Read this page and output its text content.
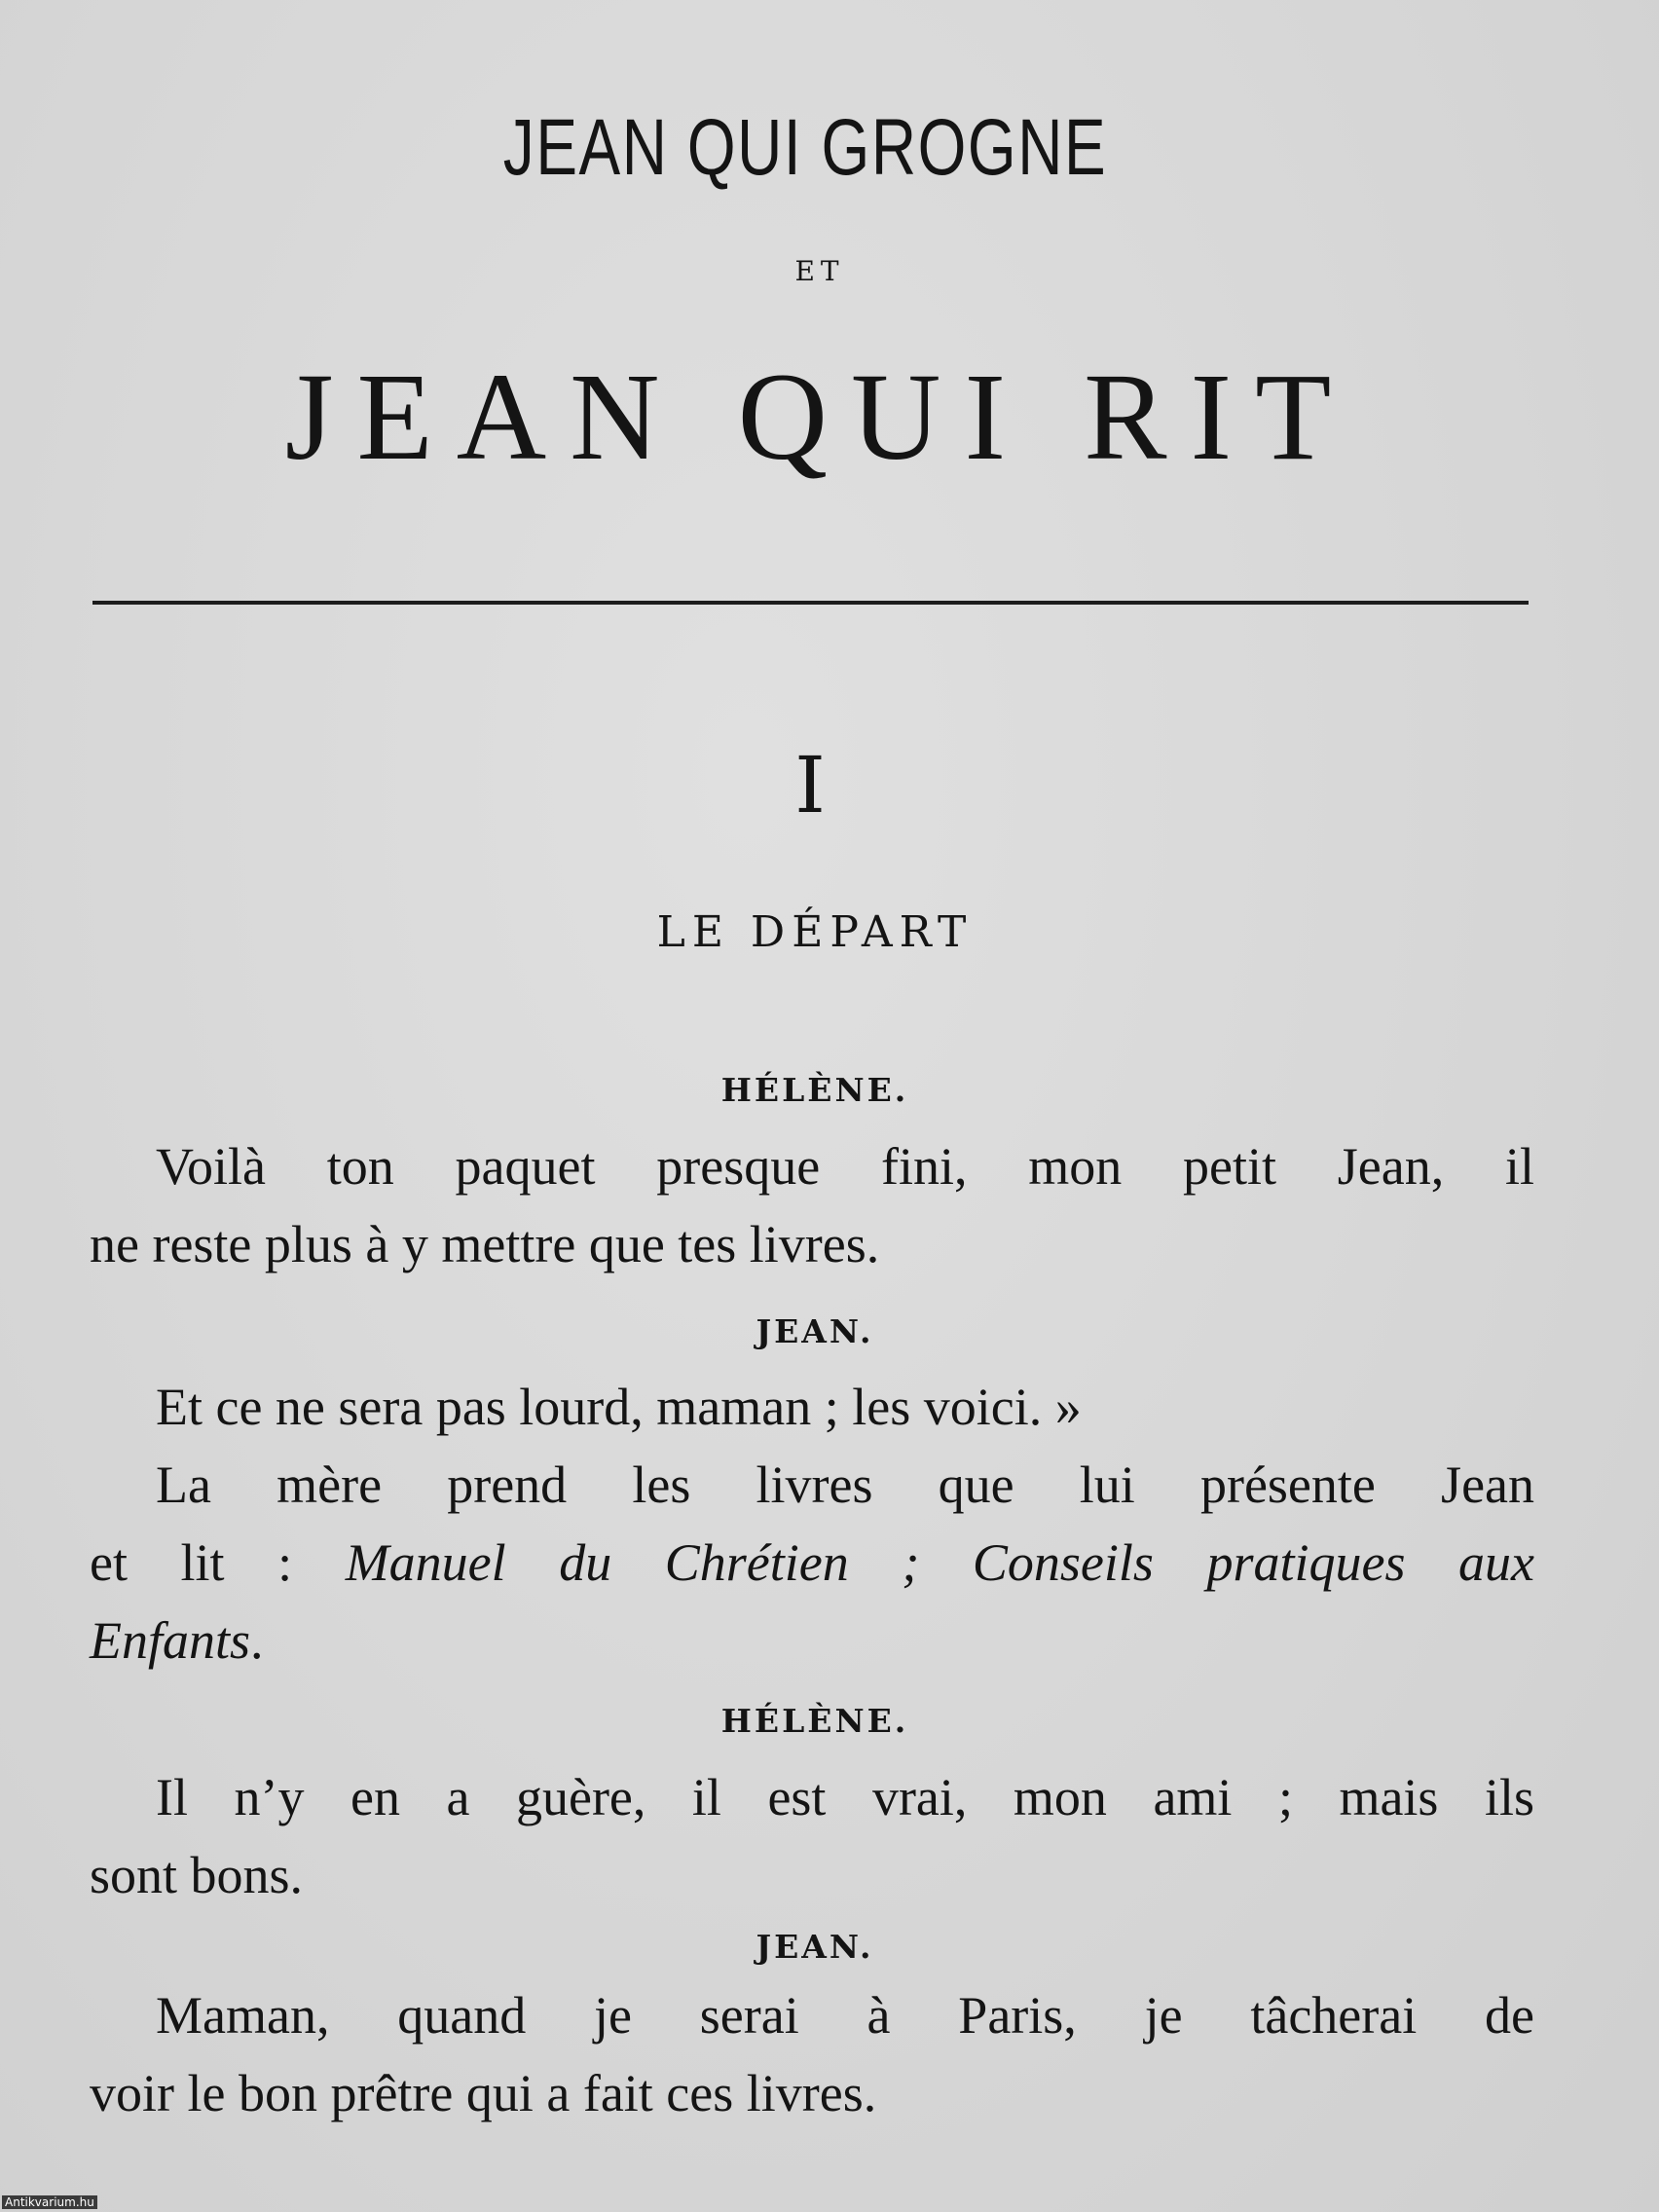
JEAN QUI GROGNE
ET
JEAN QUI RIT
I
LE DÉPART
HÉLÈNE.
Voilà ton paquet presque fini, mon petit Jean, il
ne reste plus à y mettre que tes livres.
JEAN.
Et ce ne sera pas lourd, maman ; les voici. »
La mère prend les livres que lui présente Jean
et lit : Manuel du Chrétien ; Conseils pratiques aux
Enfants.
HÉLÈNE.
Il n’y en a guère, il est vrai, mon ami ; mais ils
sont bons.
JEAN.
Maman, quand je serai à Paris, je tâcherai de
voir le bon prêtre qui a fait ces livres.
Antikvarium.hu
